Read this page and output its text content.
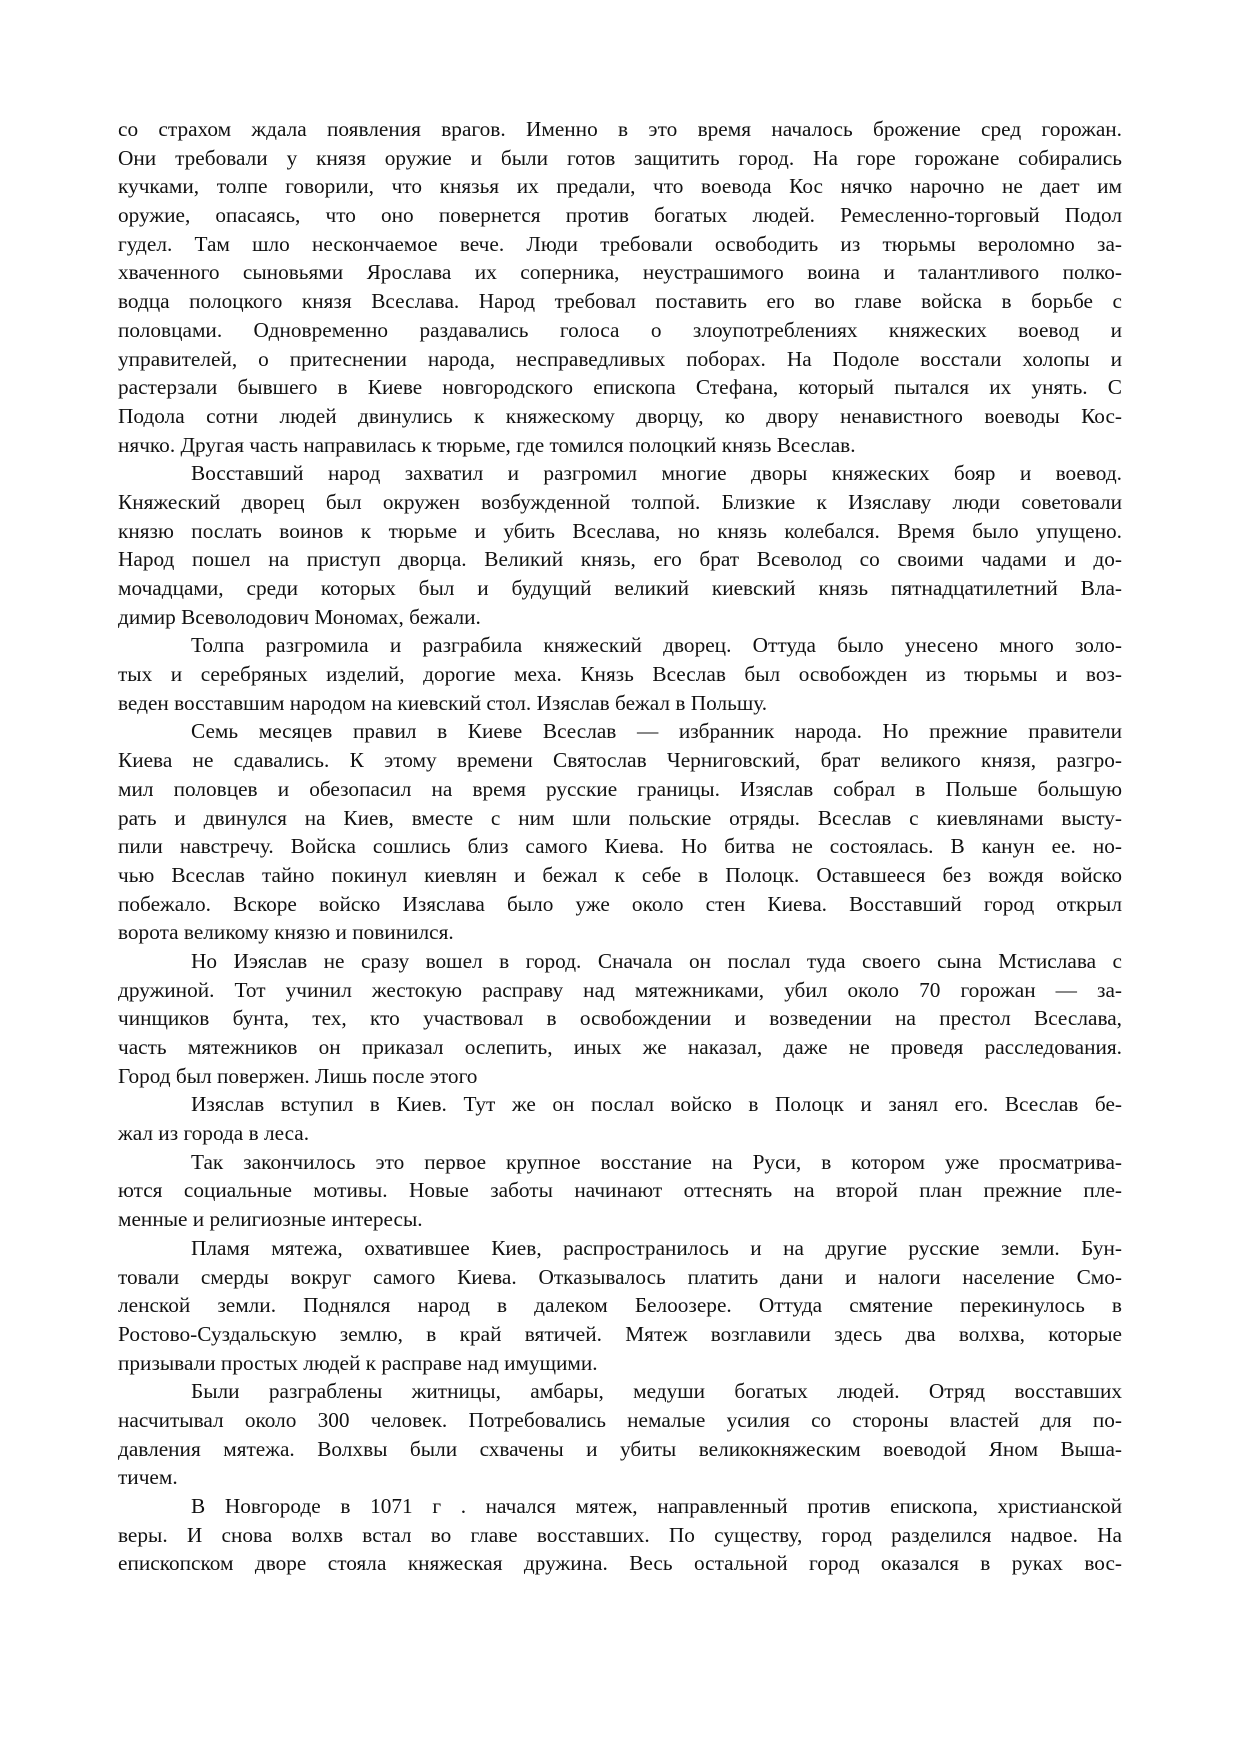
со страхом ждала появления врагов. Именно в это время началось брожение сред горожан.
Они требовали у князя оружие и были готов защитить город. На горе горожане собирались
кучками, толпе говорили, что князья их предали, что воевода Кос нячко нарочно не дает им
оружие, опасаясь, что оно повернется против богатых людей. Ремесленно-торговый Подол
гудел. Там шло нескончаемое вече. Люди требовали освободить из тюрьмы вероломно за-
хваченного сыновьями Ярослава их соперника, неустрашимого воина и талантливого полко-
водца полоцкого князя Всеслава. Народ требовал поставить его во главе войска в борьбе с
половцами. Одновременно раздавались голоса о злоупотреблениях княжеских воевод и
управителей, о притеснении народа, несправедливых поборах. На Подоле восстали холопы и
растерзали бывшего в Киеве новгородского епископа Стефана, который пытался их унять. С
Подола сотни людей двинулись к княжескому дворцу, ко двору ненавистного воеводы Кос-
нячко. Другая часть направилась к тюрьме, где томился полоцкий князь Всеслав.
Восставший народ захватил и разгромил многие дворы княжеских бояр и воевод.
Княжеский дворец был окружен возбужденной толпой. Близкие к Изяславу люди советовали
князю послать воинов к тюрьме и убить Всеслава, но князь колебался. Время было упущено.
Народ пошел на приступ дворца. Великий князь, его брат Всеволод со своими чадами и до-
мочадцами, среди которых был и будущий великий киевский князь пятнадцатилетний Вла-
димир Всеволодович Мономах, бежали.
Толпа разгромила и разграбила княжеский дворец. Оттуда было унесено много золо-
тых и серебряных изделий, дорогие меха. Князь Всеслав был освобожден из тюрьмы и воз-
веден восставшим народом на киевский стол. Изяслав бежал в Польшу.
Семь месяцев правил в Киеве Всеслав — избранник народа. Но прежние правители
Киева не сдавались. К этому времени Святослав Черниговский, брат великого князя, разгро-
мил половцев и обезопасил на время русские границы. Изяслав собрал в Польше большую
рать и двинулся на Киев, вместе с ним шли польские отряды. Всеслав с киевлянами высту-
пили навстречу. Войска сошлись близ самого Киева. Но битва не состоялась. В канун ее. но-
чью Всеслав тайно покинул киевлян и бежал к себе в Полоцк. Оставшееся без вождя войско
побежало. Вскоре войско Изяслава было уже около стен Киева. Восставший город открыл
ворота великому князю и повинился.
Но Иэяслав не сразу вошел в город. Сначала он послал туда своего сына Мстислава с
дружиной. Тот учинил жестокую расправу над мятежниками, убил около 70 горожан — за-
чинщиков бунта, тех, кто участвовал в освобождении и возведении на престол Всеслава,
часть мятежников он приказал ослепить, иных же наказал, даже не проведя расследования.
Город был повержен. Лишь после этого
Изяслав вступил в Киев. Тут же он послал войско в Полоцк и занял его. Всеслав бе-
жал из города в леса.
Так закончилось это первое крупное восстание на Руси, в котором уже просматрива-
ются социальные мотивы. Новые заботы начинают оттеснять на второй план прежние пле-
менные и религиозные интересы.
Пламя мятежа, охватившее Киев, распространилось и на другие русские земли. Бун-
товали смерды вокруг самого Киева. Отказывалось платить дани и налоги население Смо-
ленской земли. Поднялся народ в далеком Белоозере. Оттуда смятение перекинулось в
Ростово-Суздальскую землю, в край вятичей. Мятеж возглавили здесь два волхва, которые
призывали простых людей к расправе над имущими.
Были разграблены житницы, амбары, медуши богатых людей. Отряд восставших
насчитывал около 300 человек. Потребовались немалые усилия со стороны властей для по-
давления мятежа. Волхвы были схвачены и убиты великокняжеским воеводой Яном Выша-
тичем.
В Новгороде в 1071 г . начался мятеж, направленный против епископа, христианской
веры. И снова волхв встал во главе восставших. По существу, город разделился надвое. На
епископском дворе стояла княжеская дружина. Весь остальной город оказался в руках вос-
